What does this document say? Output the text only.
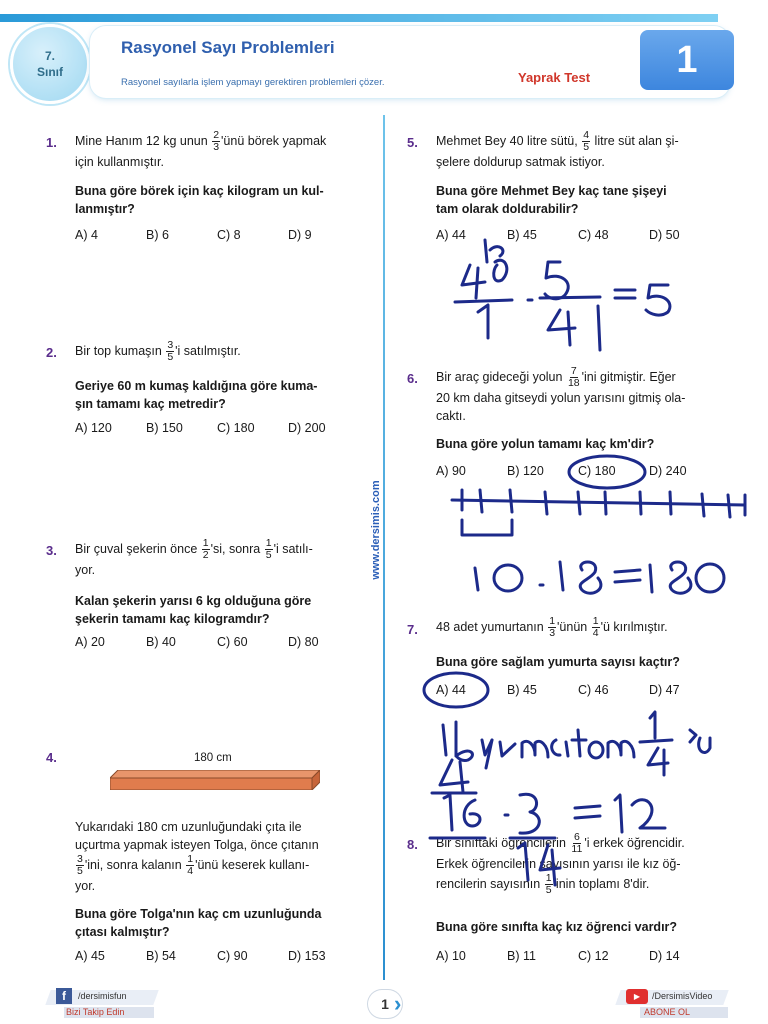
7.
Sınıf
Rasyonel Sayı Problemleri
Rasyonel sayılarla işlem yapmayı gerektiren problemleri çözer.	Yaprak Test	1
www.dersimis.com
1. Mine Hanım 12 kg unun $\frac{2}{3}$ 'ünü börek yapmak
için kullanmıştır.
Buna göre börek için kaç kilogram un kul-
lanmıştır?
A) 4	B) 6	C) 8	D) 9
2. Bir top kumaşın $\frac{3}{5}$ 'i satılmıştır.
Geriye 60 m kumaş kaldığına göre kuma-
şın tamamı kaç metredir?
A) 120	B) 150	C) 180	D) 200
3. Bir çuval şekerin önce $\frac{1}{2}$ 'si, sonra $\frac{1}{5}$ 'i satılı-
yor.
Kalan şekerin yarısı 6 kg olduğuna göre
şekerin tamamı kaç kilogramdır?
A) 20	B) 40	C) 60	D) 80
4.	180 cm
Yukarıdaki 180 cm uzunluğundaki çıta ile
uçurtma yapmak isteyen Tolga, önce çıtanın
$\frac{3}{5}$ 'ini, sonra kalanın $\frac{1}{4}$ 'ünü keserek kullanı-
yor.
Buna göre Tolga'nın kaç cm uzunluğunda
çıtası kalmıştır?
A) 45	B) 54	C) 90	D) 153
5. Mehmet Bey 40 litre sütü, $\frac{4}{5}$ litre süt alan şi-
şelere doldurup satmak istiyor.
Buna göre Mehmet Bey kaç tane şişeyi
tam olarak doldurabilir?
A) 44	B) 45	C) 48	D) 50
6. Bir araç gideceği yolun $\frac{7}{18}$ 'ini gitmiştir. Eğer
20 km daha gitseydi yolun yarısını gitmiş ola-
caktı.
Buna göre yolun tamamı kaç km'dir?
A) 90	B) 120	C) 180	D) 240
7. 48 adet yumurtanın $\frac{1}{3}$ 'ünün $\frac{1}{4}$ 'ü kırılmıştır.
Buna göre sağlam yumurta sayısı kaçtır?
A) 44	B) 45	C) 46	D) 47
8. Bir sınıftaki öğrencilerin $\frac{6}{11}$ 'i erkek öğrencidir.
Erkek öğrencilerin sayısının yarısı ile kız öğ-
rencilerin sayısının $\frac{1}{5}$ 'inin toplamı 8'dir.
Buna göre sınıfta kaç kız öğrenci vardır?
A) 10	B) 11	C) 12	D) 14
f	/dersimisfun
Bizi Takip Edin	1 ›	▶	/DersimisVideo
ABONE OL
